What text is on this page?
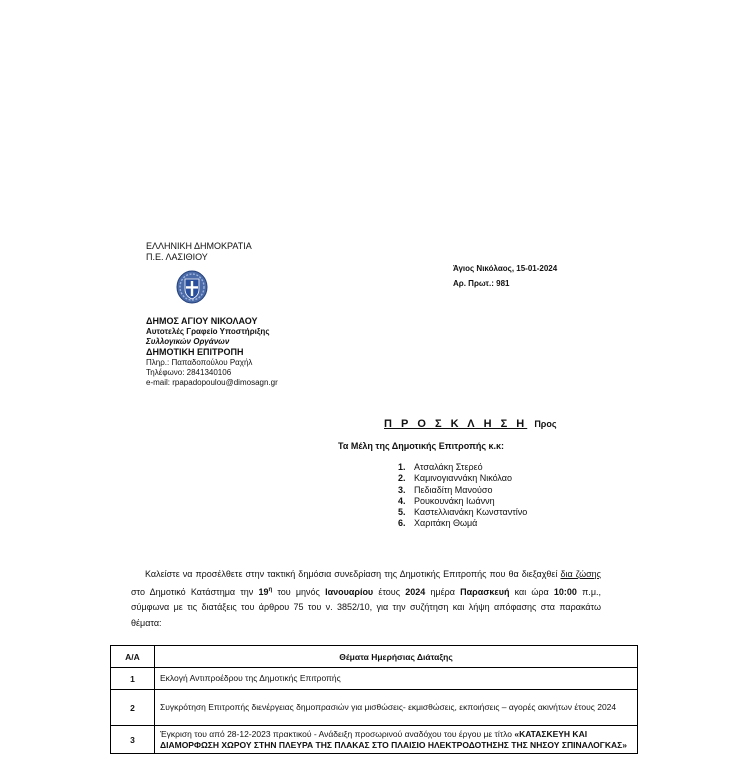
ΕΛΛΗΝΙΚΗ ΔΗΜΟΚΡΑΤΙΑ
Π.Ε. ΛΑΣΙΘΙΟΥ
ΔΗΜΟΣ ΑΓΙΟΥ ΝΙΚΟΛΑΟΥ
Αυτοτελές Γραφείο Υποστήριξης
Συλλογικών Οργάνων
ΔΗΜΟΤΙΚΗ ΕΠΙΤΡΟΠΗ
Πληρ.: Παπαδοπούλου Ραχήλ
Τηλέφωνο: 2841340106
e-mail: rpapadopoulou@dimosagn.gr
Άγιος Νικόλαος, 15-01-2024
Αρ. Πρωτ.: 981
Π Ρ Ο Σ Κ Λ Η Σ Η Προς
Τα Μέλη της Δημοτικής Επιτροπής κ.κ:
1. Ατσαλάκη Στερεό
2. Καμινογιαννάκη Νικόλαο
3. Πεδιαδίτη Μανούσο
4. Ρουκουνάκη Ιωάννη
5. Καστελλιανάκη Κωνσταντίνο
6. Χαριτάκη Θωμά
Καλείστε να προσέλθετε στην τακτική δημόσια συνεδρίαση της Δημοτικής Επιτροπής που θα διεξαχθεί δια ζώσης στο Δημοτικό Κατάστημα την $19^\eta$ του μηνός Ιανουαρίου έτους 2024 ημέρα Παρασκευή και ώρα 10:00 π.μ., σύμφωνα με τις διατάξεις του άρθρου 75 του ν. 3852/10, για την συζήτηση και λήψη απόφασης στα παρακάτω θέματα:
Α/Α	Θέματα Ημερήσιας Διάταξης
1	Εκλογή Αντιπροέδρου της Δημοτικής Επιτροπής
2	Συγκρότηση Επιτροπής διενέργειας δημοπρασιών για μισθώσεις- εκμισθώσεις, εκποιήσεις – αγορές ακινήτων έτους 2024
3	Έγκριση του από 28-12-2023 πρακτικού - Ανάδειξη προσωρινού αναδόχου του έργου με τίτλο «ΚΑΤΑΣΚΕΥΗ ΚΑΙ ΔΙΑΜΟΡΦΩΣΗ ΧΩΡΟΥ ΣΤΗΝ ΠΛΕΥΡΑ ΤΗΣ ΠΛΑΚΑΣ ΣΤΟ ΠΛΑΙΣΙΟ ΗΛΕΚΤΡΟΔΟΤΗΣΗΣ ΤΗΣ ΝΗΣΟΥ ΣΠΙΝΑΛΟΓΚΑΣ»
